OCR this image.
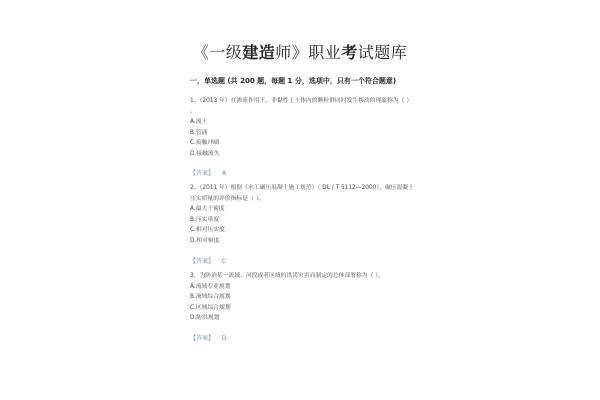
《一级建造师》职业考试题库
一，单选题 (共 200 题，每题 1 分，选项中，只有一个符合题意)
1、（2013 年）在渗流作用下，非黏性土土体内的颗粒群同时发生移动的现象称为（ ）
。
A.流土
B.管涌
C.接触冲刷
D.接触流失
【答案】 A
2、（2011 年）根据《水工碾压混凝土施工规范》（ DL / T 5112—2000），碾压混凝土
压实质量的评价指标是（ ）。
A.最大干密度
B.压实重度
C.相对压实度
D.相对密度
【答案】 C
3、为防治某一流域、河段或者区域的洪涝灾害而制定的总体部署称为（ ）。
A.流域专业规划
B.流域综合规划
C.区域综合规划
D.防洪规划
【答案】 D
